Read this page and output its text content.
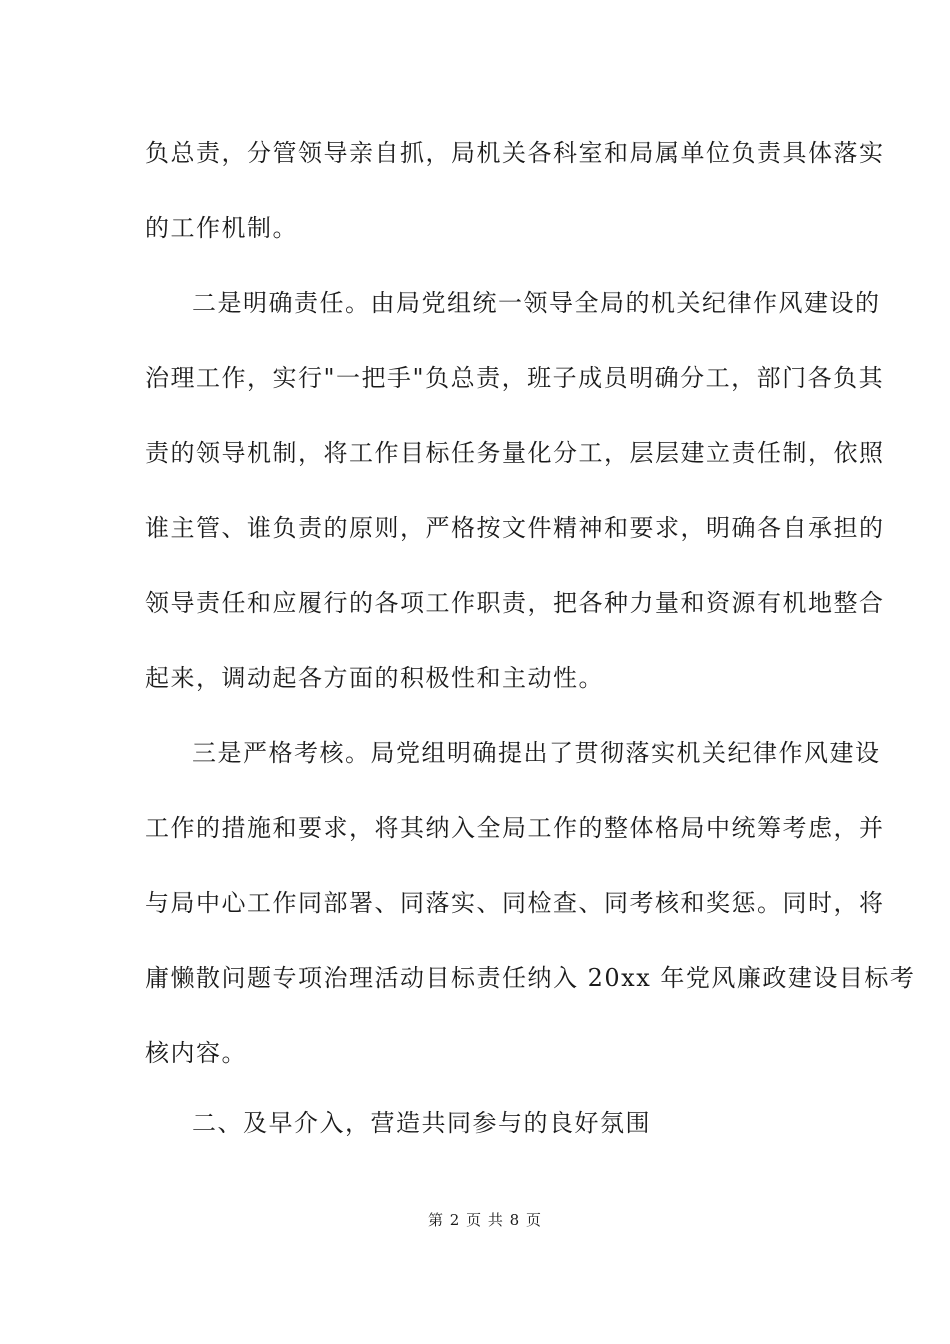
负总责，分管领导亲自抓，局机关各科室和局属单位负责具体落实
的工作机制。
二是明确责任。由局党组统一领导全局的机关纪律作风建设的
治理工作，实行"一把手"负总责，班子成员明确分工，部门各负其
责的领导机制，将工作目标任务量化分工，层层建立责任制，依照
谁主管、谁负责的原则，严格按文件精神和要求，明确各自承担的
领导责任和应履行的各项工作职责，把各种力量和资源有机地整合
起来，调动起各方面的积极性和主动性。
三是严格考核。局党组明确提出了贯彻落实机关纪律作风建设
工作的措施和要求，将其纳入全局工作的整体格局中统筹考虑，并
与局中心工作同部署、同落实、同检查、同考核和奖惩。同时，将
庸懒散问题专项治理活动目标责任纳入 20xx 年党风廉政建设目标考
核内容。
二、及早介入，营造共同参与的良好氛围
第 2 页 共 8 页
